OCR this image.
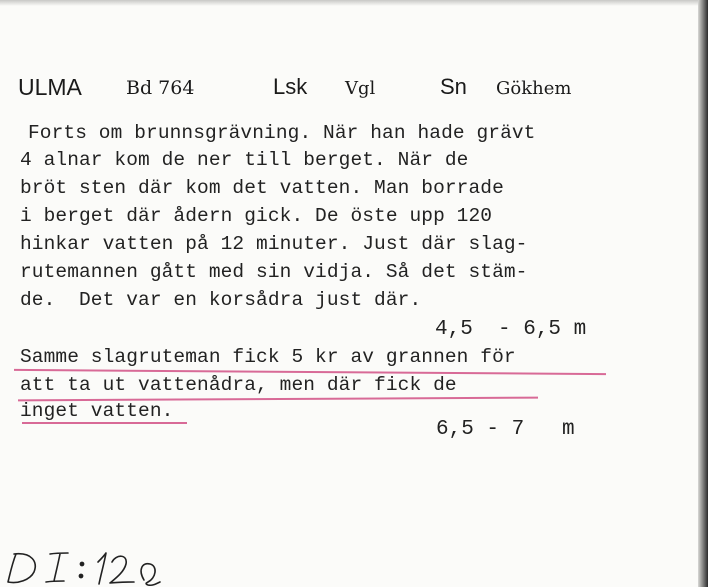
ULMA Bd 764	Lsk Vgl	Sn Gökhem
Forts om brunnsgrävning. När han hade grävt
4 alnar kom de ner till berget. När de
bröt sten där kom det vatten. Man borrade
i berget där ådern gick. De öste upp 120
hinkar vatten på 12 minuter. Just där slag-
rutemannen gått med sin vidja. Så det stäm-
de.  Det var en korsådra just där.
4,5  - 6,5 m
Samme slagruteman fick 5 kr av grannen för
att ta ut vattenådra, men där fick de
inget vatten.
6,5 - 7   m
